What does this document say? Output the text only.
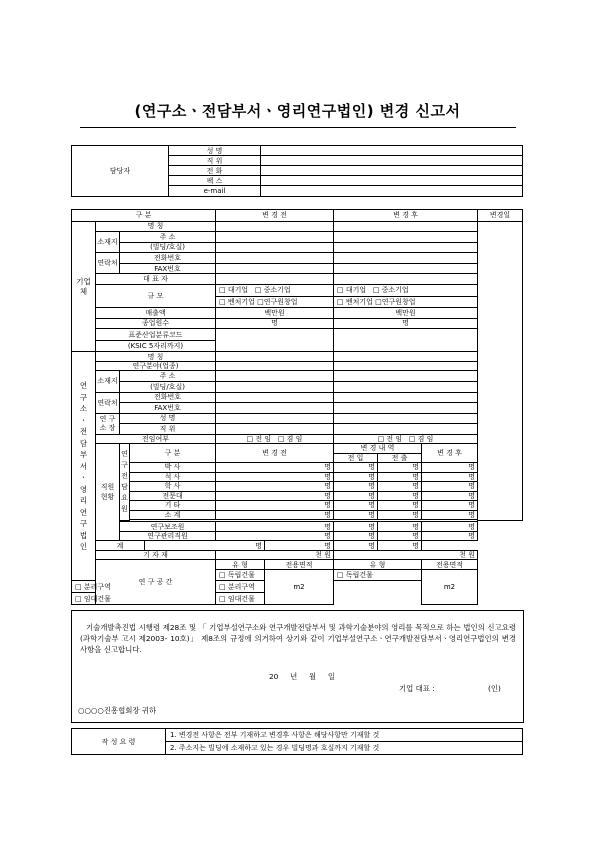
(연구소ㆍ전담부서ㆍ영리연구법인) 변경 신고서
담당자	성 명	
	직 위	
	전 화	
	팩 스	
	e-mail	
구 분					변 경 전		변 경 후			변경일
기업체	명 칭									
	소재지	주 소								
		(빌딩/호실)								
	연락처	전화번호								
		FAX번호								
	대 표 자									
	규 모				□ 대기업 □ 중소기업		□ 대기업 □ 중소기업			
					□ 벤처기업 □연구원창업		□ 벤처기업 □연구원창업			
	매출액				백만원		백만원			
	종업원수				명		명			
	표준산업분류코드									
	(KSIC 5자리까지)									
연구소ㆍ전담부서ㆍ영리연구법인	명 칭									
	연구분야(업종)									
	소재지	주 소								
		(빌딩/호실)								
	연락처	전화번호								
		FAX번호								
	연 구
소 장	성 명								
		직 위								
	전임여부				□ 전 임 □ 겸 임		□ 전 임 □ 겸 임			
	직원
현황	연구전담요원	구 분		변 경 전		변 경 내 역		변 경 후	
							전 입	전 출		
			박 사		명		명	명	명	
			석 사		명		명	명	명	
			학 사		명		명	명	명	
			전문대		명		명	명	명	
			기 타		명		명	명	명	
			소 계		명		명	명	명	

		연구보조원			명		명	명	명	
		연구관리직원			명		명	명	명	
	계			명		명	명	명		
	기 자 재				천 원		천 원			
	연 구 공 간				유 형	전용면적	유 형		전용면적	
					□ 독립건물	m2	□ 독립건물		m2	
□ 분리구역					□ 분리구역					
□ 임대건물					□ 임대건물					
기술개발촉진법 시행령 제28조 및 「 기업부설연구소와 연구개발전담부서 및 과학기술분야의 영리를 목적으로 하는 법인의 신고요령(과학기술부 고시 제2003- 10호)」 제8조의 규정에 의거하여 상기와 같이 기업부설연구소ㆍ연구개발전담부서ㆍ영리연구법인의 변경사항을 신고합니다.
20     년     월     일
기업 대표 :	(인)
○○○○진흥협회장 귀하
작 성 요 령	1. 변경전 사항은 전부 기재하고 변경후 사항은 해당사항만 기재할 것
2. 주소지는 빌딩에 소재하고 있는 경우 빌딩명과 호실까지 기재할 것
